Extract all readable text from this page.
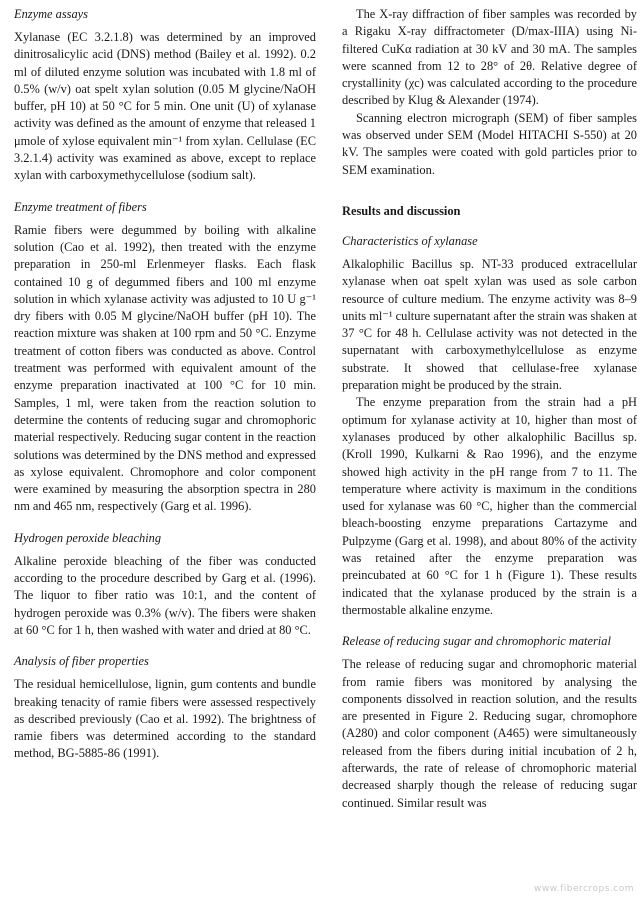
Enzyme assays

Xylanase (EC 3.2.1.8) was determined by an improved dinitrosalicylic acid (DNS) method (Bailey et al. 1992). 0.2 ml of diluted enzyme solution was incubated with 1.8 ml of 0.5% (w/v) oat spelt xylan solution (0.05 M glycine/NaOH buffer, pH 10) at 50 °C for 5 min. One unit (U) of xylanase activity was defined as the amount of enzyme that released 1 μmole of xylose equivalent min⁻¹ from xylan. Cellulase (EC 3.2.1.4) activity was examined as above, except to replace xylan with carboxymethycellulose (sodium salt).

Enzyme treatment of fibers

Ramie fibers were degummed by boiling with alkaline solution (Cao et al. 1992), then treated with the enzyme preparation in 250-ml Erlenmeyer flasks. Each flask contained 10 g of degummed fibers and 100 ml enzyme solution in which xylanase activity was adjusted to 10 U g⁻¹ dry fibers with 0.05 M glycine/NaOH buffer (pH 10). The reaction mixture was shaken at 100 rpm and 50 °C. Enzyme treatment of cotton fibers was conducted as above. Control treatment was performed with equivalent amount of the enzyme preparation inactivated at 100 °C for 10 min. Samples, 1 ml, were taken from the reaction solution to determine the contents of reducing sugar and chromophoric material respectively. Reducing sugar content in the reaction solutions was determined by the DNS method and expressed as xylose equivalent. Chromophore and color component were examined by measuring the absorption spectra in 280 nm and 465 nm, respectively (Garg et al. 1996).

Hydrogen peroxide bleaching

Alkaline peroxide bleaching of the fiber was conducted according to the procedure described by Garg et al. (1996). The liquor to fiber ratio was 10:1, and the content of hydrogen peroxide was 0.3% (w/v). The fibers were shaken at 60 °C for 1 h, then washed with water and dried at 80 °C.

Analysis of fiber properties

The residual hemicellulose, lignin, gum contents and bundle breaking tenacity of ramie fibers were assessed respectively as described previously (Cao et al. 1992). The brightness of ramie fibers was determined according to the standard method, BG-5885-86 (1991).

The X-ray diffraction of fiber samples was recorded by a Rigaku X-ray diffractometer (D/max-IIIA) using Ni-filtered CuKα radiation at 30 kV and 30 mA. The samples were scanned from 12 to 28° of 2θ. Relative degree of crystallinity (χc) was calculated according to the procedure described by Klug & Alexander (1974).

Scanning electron micrograph (SEM) of fiber samples was observed under SEM (Model HITACHI S-550) at 20 kV. The samples were coated with gold particles prior to SEM examination.

Results and discussion
Characteristics of xylanase

Alkalophilic Bacillus sp. NT-33 produced extracellular xylanase when oat spelt xylan was used as sole carbon resource of culture medium. The enzyme activity was 8–9 units ml⁻¹ culture supernatant after the strain was shaken at 37 °C for 48 h. Cellulase activity was not detected in the supernatant with carboxymethylcellulose as enzyme substrate. It showed that cellulase-free xylanase preparation might be produced by the strain.

The enzyme preparation from the strain had a pH optimum for xylanase activity at 10, higher than most of xylanases produced by other alkalophilic Bacillus sp. (Kroll 1990, Kulkarni & Rao 1996), and the enzyme showed high activity in the pH range from 7 to 11. The temperature where activity is maximum in the conditions used for xylanase was 60 °C, higher than the commercial bleach-boosting enzyme preparations Cartazyme and Pulpzyme (Garg et al. 1998), and about 80% of the activity was retained after the enzyme preparation was preincubated at 60 °C for 1 h (Figure 1). These results indicated that the xylanase produced by the strain is a thermostable alkaline enzyme.

Release of reducing sugar and chromophoric material

The release of reducing sugar and chromophoric material from ramie fibers was monitored by analysing the components dissolved in reaction solution, and the results are presented in Figure 2. Reducing sugar, chromophore (A280) and color component (A465) were simultaneously released from the fibers during initial incubation of 2 h, afterwards, the rate of release of chromophoric material decreased sharply though the release of reducing sugar continued. Similar result was

www.fibercrops.com
